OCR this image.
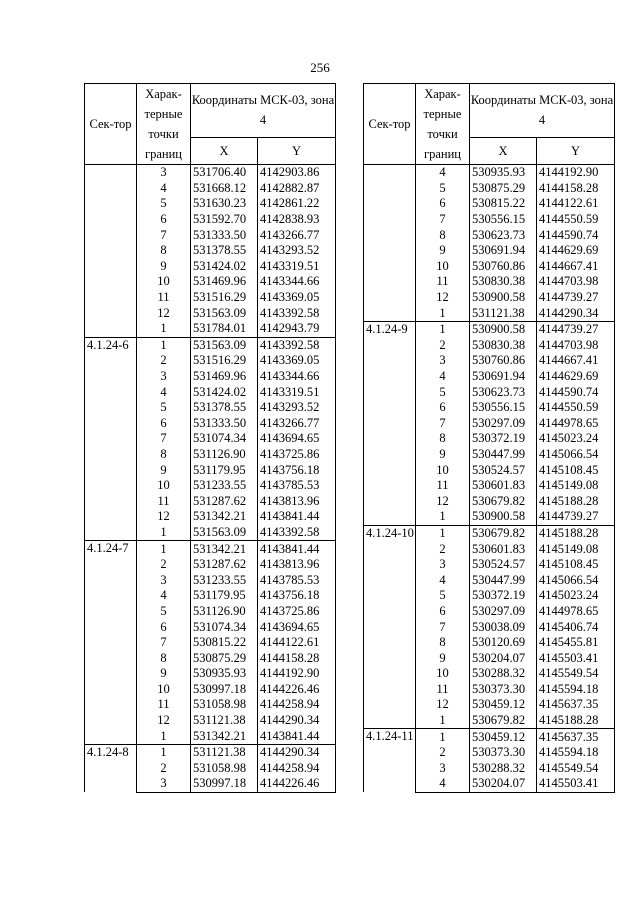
256
Сек-тор	Харак-терные точки границ	Координаты МСК-03, зона 4	
		X	Y
	3	531706.40	4142903.86
	4	531668.12	4142882.87
	5	531630.23	4142861.22
	6	531592.70	4142838.93
	7	531333.50	4143266.77
	8	531378.55	4143293.52
	9	531424.02	4143319.51
	10	531469.96	4143344.66
	11	531516.29	4143369.05
	12	531563.09	4143392.58
	1	531784.01	4142943.79
4.1.24-6	1	531563.09	4143392.58
	2	531516.29	4143369.05
	3	531469.96	4143344.66
	4	531424.02	4143319.51
	5	531378.55	4143293.52
	6	531333.50	4143266.77
	7	531074.34	4143694.65
	8	531126.90	4143725.86
	9	531179.95	4143756.18
	10	531233.55	4143785.53
	11	531287.62	4143813.96
	12	531342.21	4143841.44
	1	531563.09	4143392.58
4.1.24-7	1	531342.21	4143841.44
	2	531287.62	4143813.96
	3	531233.55	4143785.53
	4	531179.95	4143756.18
	5	531126.90	4143725.86
	6	531074.34	4143694.65
	7	530815.22	4144122.61
	8	530875.29	4144158.28
	9	530935.93	4144192.90
	10	530997.18	4144226.46
	11	531058.98	4144258.94
	12	531121.38	4144290.34
	1	531342.21	4143841.44
4.1.24-8	1	531121.38	4144290.34
	2	531058.98	4144258.94
	3	530997.18	4144226.46
Сек-тор	Харак-терные точки границ	Координаты МСК-03, зона 4	
		X	Y
	4	530935.93	4144192.90
	5	530875.29	4144158.28
	6	530815.22	4144122.61
	7	530556.15	4144550.59
	8	530623.73	4144590.74
	9	530691.94	4144629.69
	10	530760.86	4144667.41
	11	530830.38	4144703.98
	12	530900.58	4144739.27
	1	531121.38	4144290.34
4.1.24-9	1	530900.58	4144739.27
	2	530830.38	4144703.98
	3	530760.86	4144667.41
	4	530691.94	4144629.69
	5	530623.73	4144590.74
	6	530556.15	4144550.59
	7	530297.09	4144978.65
	8	530372.19	4145023.24
	9	530447.99	4145066.54
	10	530524.57	4145108.45
	11	530601.83	4145149.08
	12	530679.82	4145188.28
	1	530900.58	4144739.27
4.1.24-10	1	530679.82	4145188.28
	2	530601.83	4145149.08
	3	530524.57	4145108.45
	4	530447.99	4145066.54
	5	530372.19	4145023.24
	6	530297.09	4144978.65
	7	530038.09	4145406.74
	8	530120.69	4145455.81
	9	530204.07	4145503.41
	10	530288.32	4145549.54
	11	530373.30	4145594.18
	12	530459.12	4145637.35
	1	530679.82	4145188.28
4.1.24-11	1	530459.12	4145637.35
	2	530373.30	4145594.18
	3	530288.32	4145549.54
	4	530204.07	4145503.41
